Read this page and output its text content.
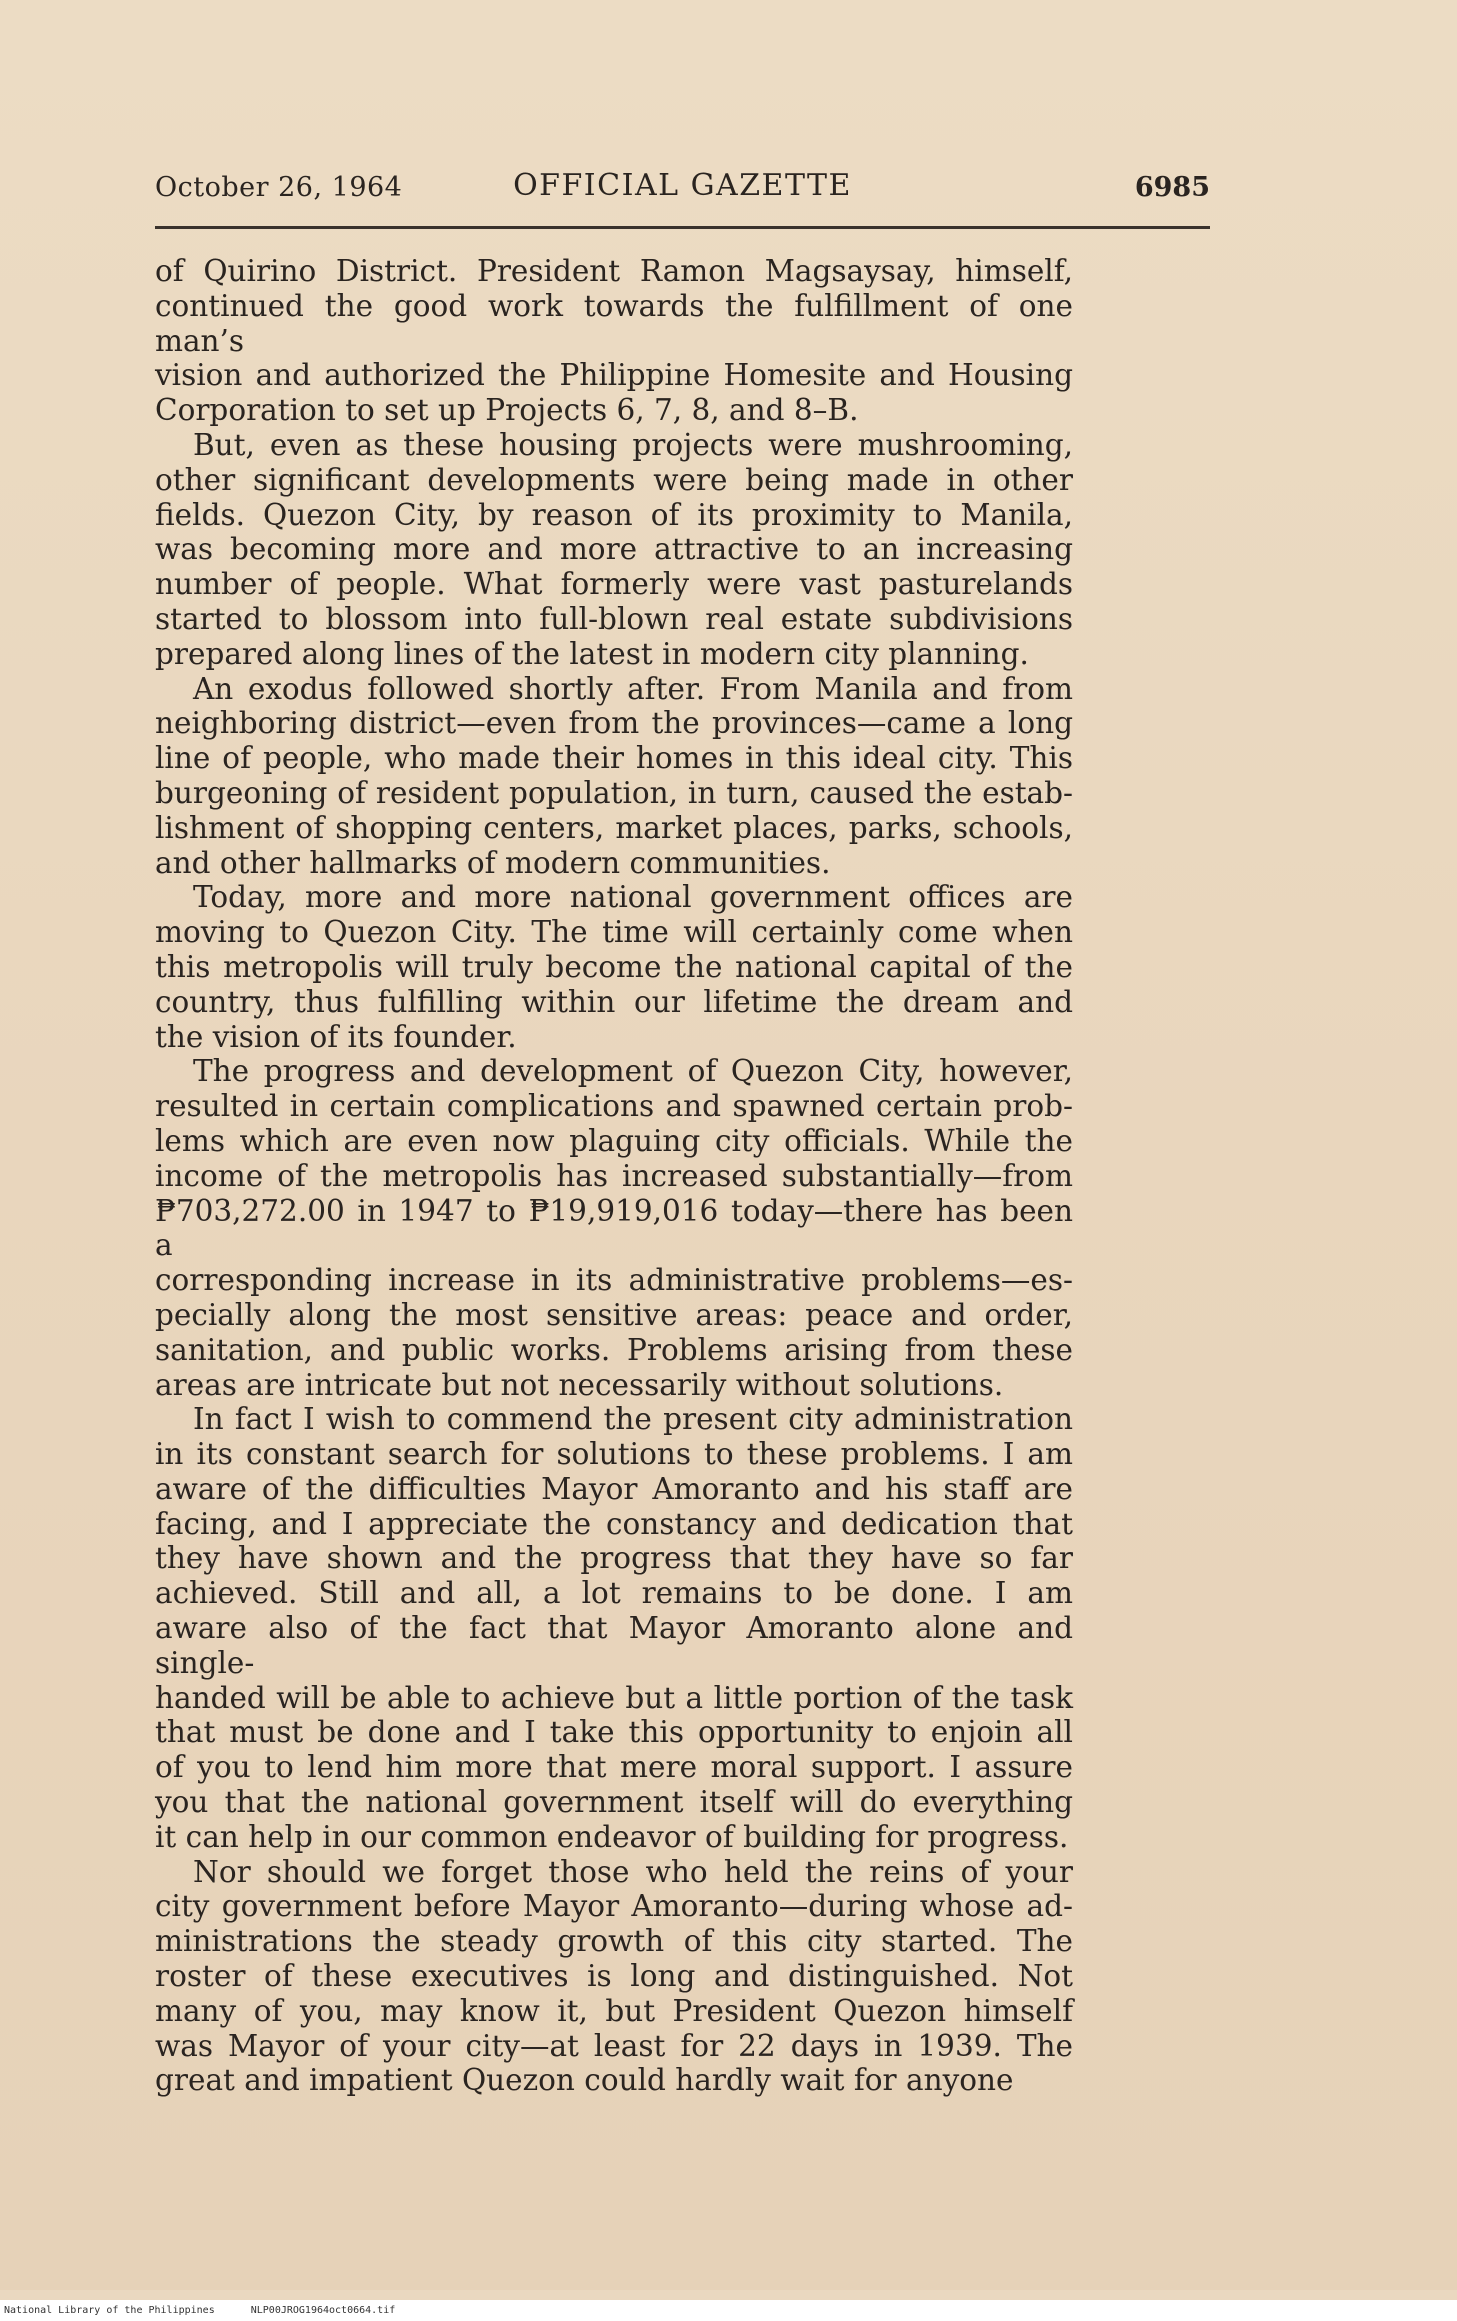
October 26, 1964	OFFICIAL GAZETTE	6985

of Quirino District. President Ramon Magsaysay, himself,

continued the good work towards the fulfillment of one man’s

vision and authorized the Philippine Homesite and Housing

Corporation to set up Projects 6, 7, 8, and 8–B.

But, even as these housing projects were mushrooming,

other significant developments were being made in other

fields. Quezon City, by reason of its proximity to Manila,

was becoming more and more attractive to an increasing

number of people. What formerly were vast pasturelands

started to blossom into full-blown real estate subdivisions

prepared along lines of the latest in modern city planning.

An exodus followed shortly after. From Manila and from

neighboring district—even from the provinces—came a long

line of people, who made their homes in this ideal city. This

burgeoning of resident population, in turn, caused the estab-

lishment of shopping centers, market places, parks, schools,

and other hallmarks of modern communities.

Today, more and more national government offices are

moving to Quezon City. The time will certainly come when

this metropolis will truly become the national capital of the

country, thus fulfilling within our lifetime the dream and

the vision of its founder.

The progress and development of Quezon City, however,

resulted in certain complications and spawned certain prob-

lems which are even now plaguing city officials. While the

income of the metropolis has increased substantially—from

₱703,272.00 in 1947 to ₱19,919,016 today—there has been a

corresponding increase in its administrative problems—es-

pecially along the most sensitive areas: peace and order,

sanitation, and public works. Problems arising from these

areas are intricate but not necessarily without solutions.

In fact I wish to commend the present city administration

in its constant search for solutions to these problems. I am

aware of the difficulties Mayor Amoranto and his staff are

facing, and I appreciate the constancy and dedication that

they have shown and the progress that they have so far

achieved. Still and all, a lot remains to be done. I am

aware also of the fact that Mayor Amoranto alone and single-

handed will be able to achieve but a little portion of the task

that must be done and I take this opportunity to enjoin all

of you to lend him more that mere moral support. I assure

you that the national government itself will do everything

it can help in our common endeavor of building for progress.

Nor should we forget those who held the reins of your

city government before Mayor Amoranto—during whose ad-

ministrations the steady growth of this city started. The

roster of these executives is long and distinguished. Not

many of you, may know it, but President Quezon himself

was Mayor of your city—at least for 22 days in 1939. The

great and impatient Quezon could hardly wait for anyone

National Library of the Philippines	NLP00JROG1964oct0664.tif
